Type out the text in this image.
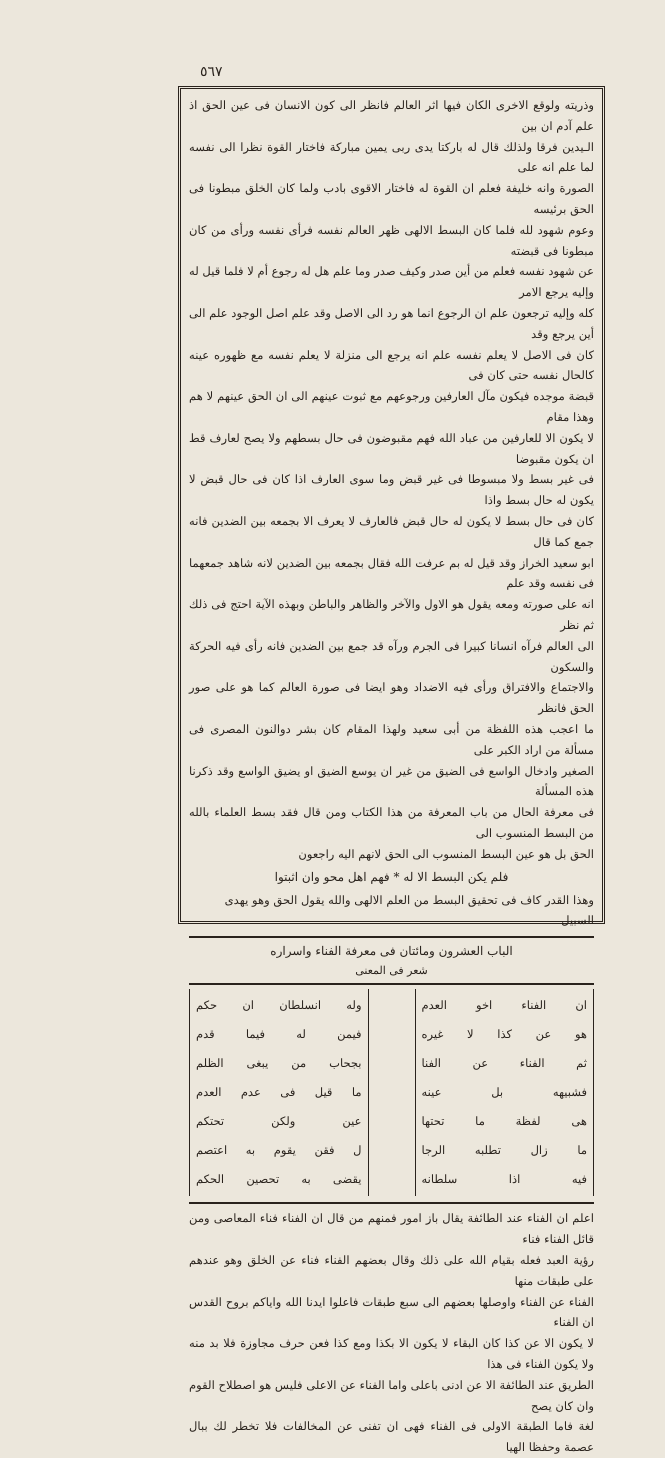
٥٦٧

وذريته ولوقع الاخرى الكان فيها اثر العالم فانظر الى كون الانسان فى عين الحق اذ علم آدم ان بين

الـيدين فرقا ولذلك قال له باركتا يدى ربى يمين مباركة فاختار القوة نظرا الى نفسه لما علم انه على

الصورة وانه خليفة فعلم ان القوة له فاختار الاقوى بادب ولما كان الخلق مبطونا فى الحق برئيسه

وعوم شهود لله فلما كان البسط الالهى ظهر العالم نفسه فرأى نفسه ورأى من كان مبطونا فى قبضته

عن شهود نفسه فعلم من أين صدر وكيف صدر وما علم هل له رجوع أم لا فلما قيل له وإليه يرجع الامر

كله وإليه ترجعون علم ان الرجوع انما هو رد الى الاصل وقد علم اصل الوجود علم الى أين يرجع وقد

كان فى الاصل لا يعلم نفسه علم انه يرجع الى منزلة لا يعلم نفسه مع ظهوره عينه كالحال نفسه حتى كان فى

قبضة موجده فيكون مآل العارفين ورجوعهم مع ثبوت عينهم الى ان الحق عينهم لا هم وهذا مقام

لا يكون الا للعارفين من عباد الله فهم مقبوضون فى حال بسطهم ولا يصح لعارف قط ان يكون مقبوضا

فى غير بسط ولا مبسوطا فى غير قبض وما سوى العارف اذا كان فى حال قبض لا يكون له حال بسط واذا

كان فى حال بسط لا يكون له حال قبض فالعارف لا يعرف الا بجمعه بين الضدين فانه جمع كما قال

ابو سعيد الخراز وقد قيل له بم عرفت الله فقال بجمعه بين الضدين لانه شاهد جمعهما فى نفسه وقد علم

انه على صورته ومعه يقول هو الاول والآخر والظاهر والباطن وبهذه الآية احتج فى ذلك ثم نظر

الى العالم فرآه انسانا كبيرا فى الجرم ورآه قد جمع بين الضدين فانه رأى فيه الحركة والسكون

والاجتماع والافتراق ورأى فيه الاضداد وهو ايضا فى صورة العالم كما هو على صور الحق فانظر

ما اعجب هذه اللفظة من أبى سعيد ولهذا المقام كان بشر دوالنون المصرى فى مسألة من اراد الكبر على

الصغير وادخال الواسع فى الضيق من غير ان يوسع الضيق او يضيق الواسع وقد ذكرنا هذه المسألة

فى معرفة الحال من باب المعرفة من هذا الكتاب ومن قال فقد بسط العلماء بالله من البسط المنسوب الى

الحق بل هو عين البسط المنسوب الى الحق لانهم اليه راجعون

فلم يكن البسط الا له * فهم اهل محو وان اثبتوا
وهذا القدر كاف فى تحقيق البسط من العلم الالهى والله يقول الحق وهو يهدى السبيل
الباب العشرون ومائتان فى معرفة الفناء واسراره
شعر فى المعنى
ان الفناء اخو العدم
هو عن كذا لا غيره
ثم الفناء عن الفنا
فشبيهه بل عينه
هى لفظة ما تحتها
ما زال تطلبه الرجا
فيه اذا سلطانه
وله انسلطان ان حكم
فيمن له فيما قدم
بجحاب من يبغى الظلم
ما قيل فى عدم العدم
عين ولكن تحتكم
ل فقن يقوم به اعتصم
يقضى به تحصين الحكم

اعلم ان الفناء عند الطائفة يقال باز امور فمنهم من قال ان الفناء فناء المعاصى ومن قائل الفناء فناء

رؤية العبد فعله بقيام الله على ذلك وقال بعضهم الفناء فناء عن الخلق وهو عندهم على طبقات منها

الفناء عن الفناء واوصلها بعضهم الى سبع طبقات فاعلوا ايدنا الله واياكم بروح القدس ان الفناء

لا يكون الا عن كذا كان البقاء لا يكون الا بكذا ومع كذا فعن حرف مجاوزة فلا بد منه ولا يكون الفناء فى هذا

الطريق عند الطائفة الا عن ادنى باعلى واما الفناء عن الاعلى فليس هو اصطلاح القوم وان كان يصح

لغة فاما الطبقة الاولى فى الفناء فهى ان تفنى عن المخالفات فلا تخطر لك ببال عصمة وحفظا الهيا
